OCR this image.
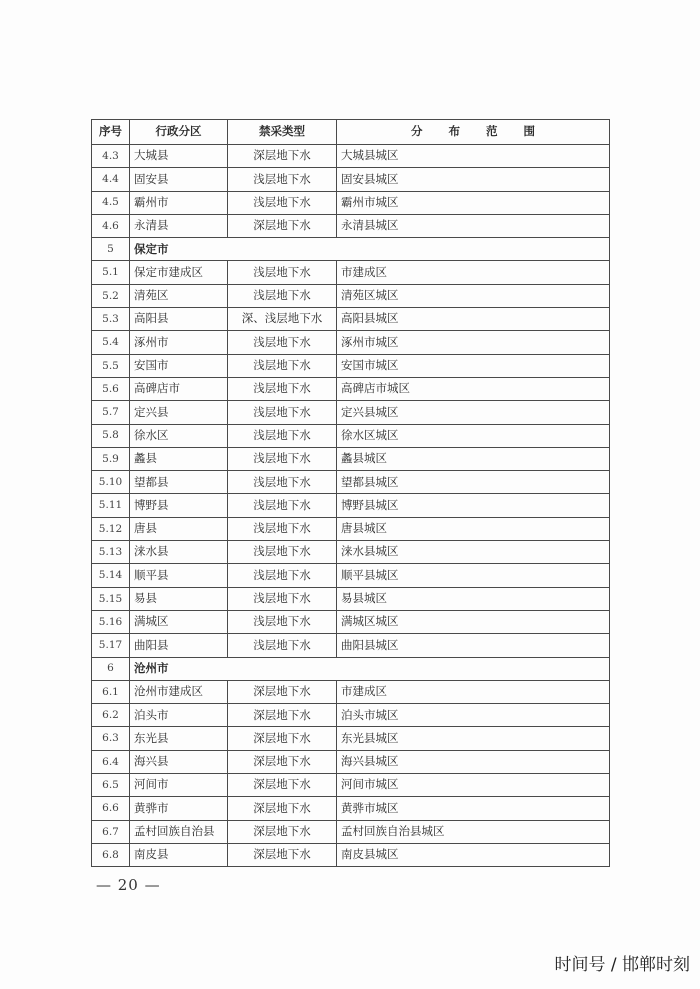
序号	行政分区	禁采类型	分布范围
4.3	大城县	深层地下水	大城县城区
4.4	固安县	浅层地下水	固安县城区
4.5	霸州市	浅层地下水	霸州市城区
4.6	永清县	深层地下水	永清县城区
5	保定市		
5.1	保定市建成区	浅层地下水	市建成区
5.2	清苑区	浅层地下水	清苑区城区
5.3	高阳县	深、浅层地下水	高阳县城区
5.4	涿州市	浅层地下水	涿州市城区
5.5	安国市	浅层地下水	安国市城区
5.6	高碑店市	浅层地下水	高碑店市城区
5.7	定兴县	浅层地下水	定兴县城区
5.8	徐水区	浅层地下水	徐水区城区
5.9	蠡县	浅层地下水	蠡县城区
5.10	望都县	浅层地下水	望都县城区
5.11	博野县	浅层地下水	博野县城区
5.12	唐县	浅层地下水	唐县城区
5.13	涞水县	浅层地下水	涞水县城区
5.14	顺平县	浅层地下水	顺平县城区
5.15	易县	浅层地下水	易县城区
5.16	满城区	浅层地下水	满城区城区
5.17	曲阳县	浅层地下水	曲阳县城区
6	沧州市		
6.1	沧州市建成区	深层地下水	市建成区
6.2	泊头市	深层地下水	泊头市城区
6.3	东光县	深层地下水	东光县城区
6.4	海兴县	深层地下水	海兴县城区
6.5	河间市	深层地下水	河间市城区
6.6	黄骅市	深层地下水	黄骅市城区
6.7	孟村回族自治县	深层地下水	孟村回族自治县城区
6.8	南皮县	深层地下水	南皮县城区
— 20 —
时间号 / 邯郸时刻
